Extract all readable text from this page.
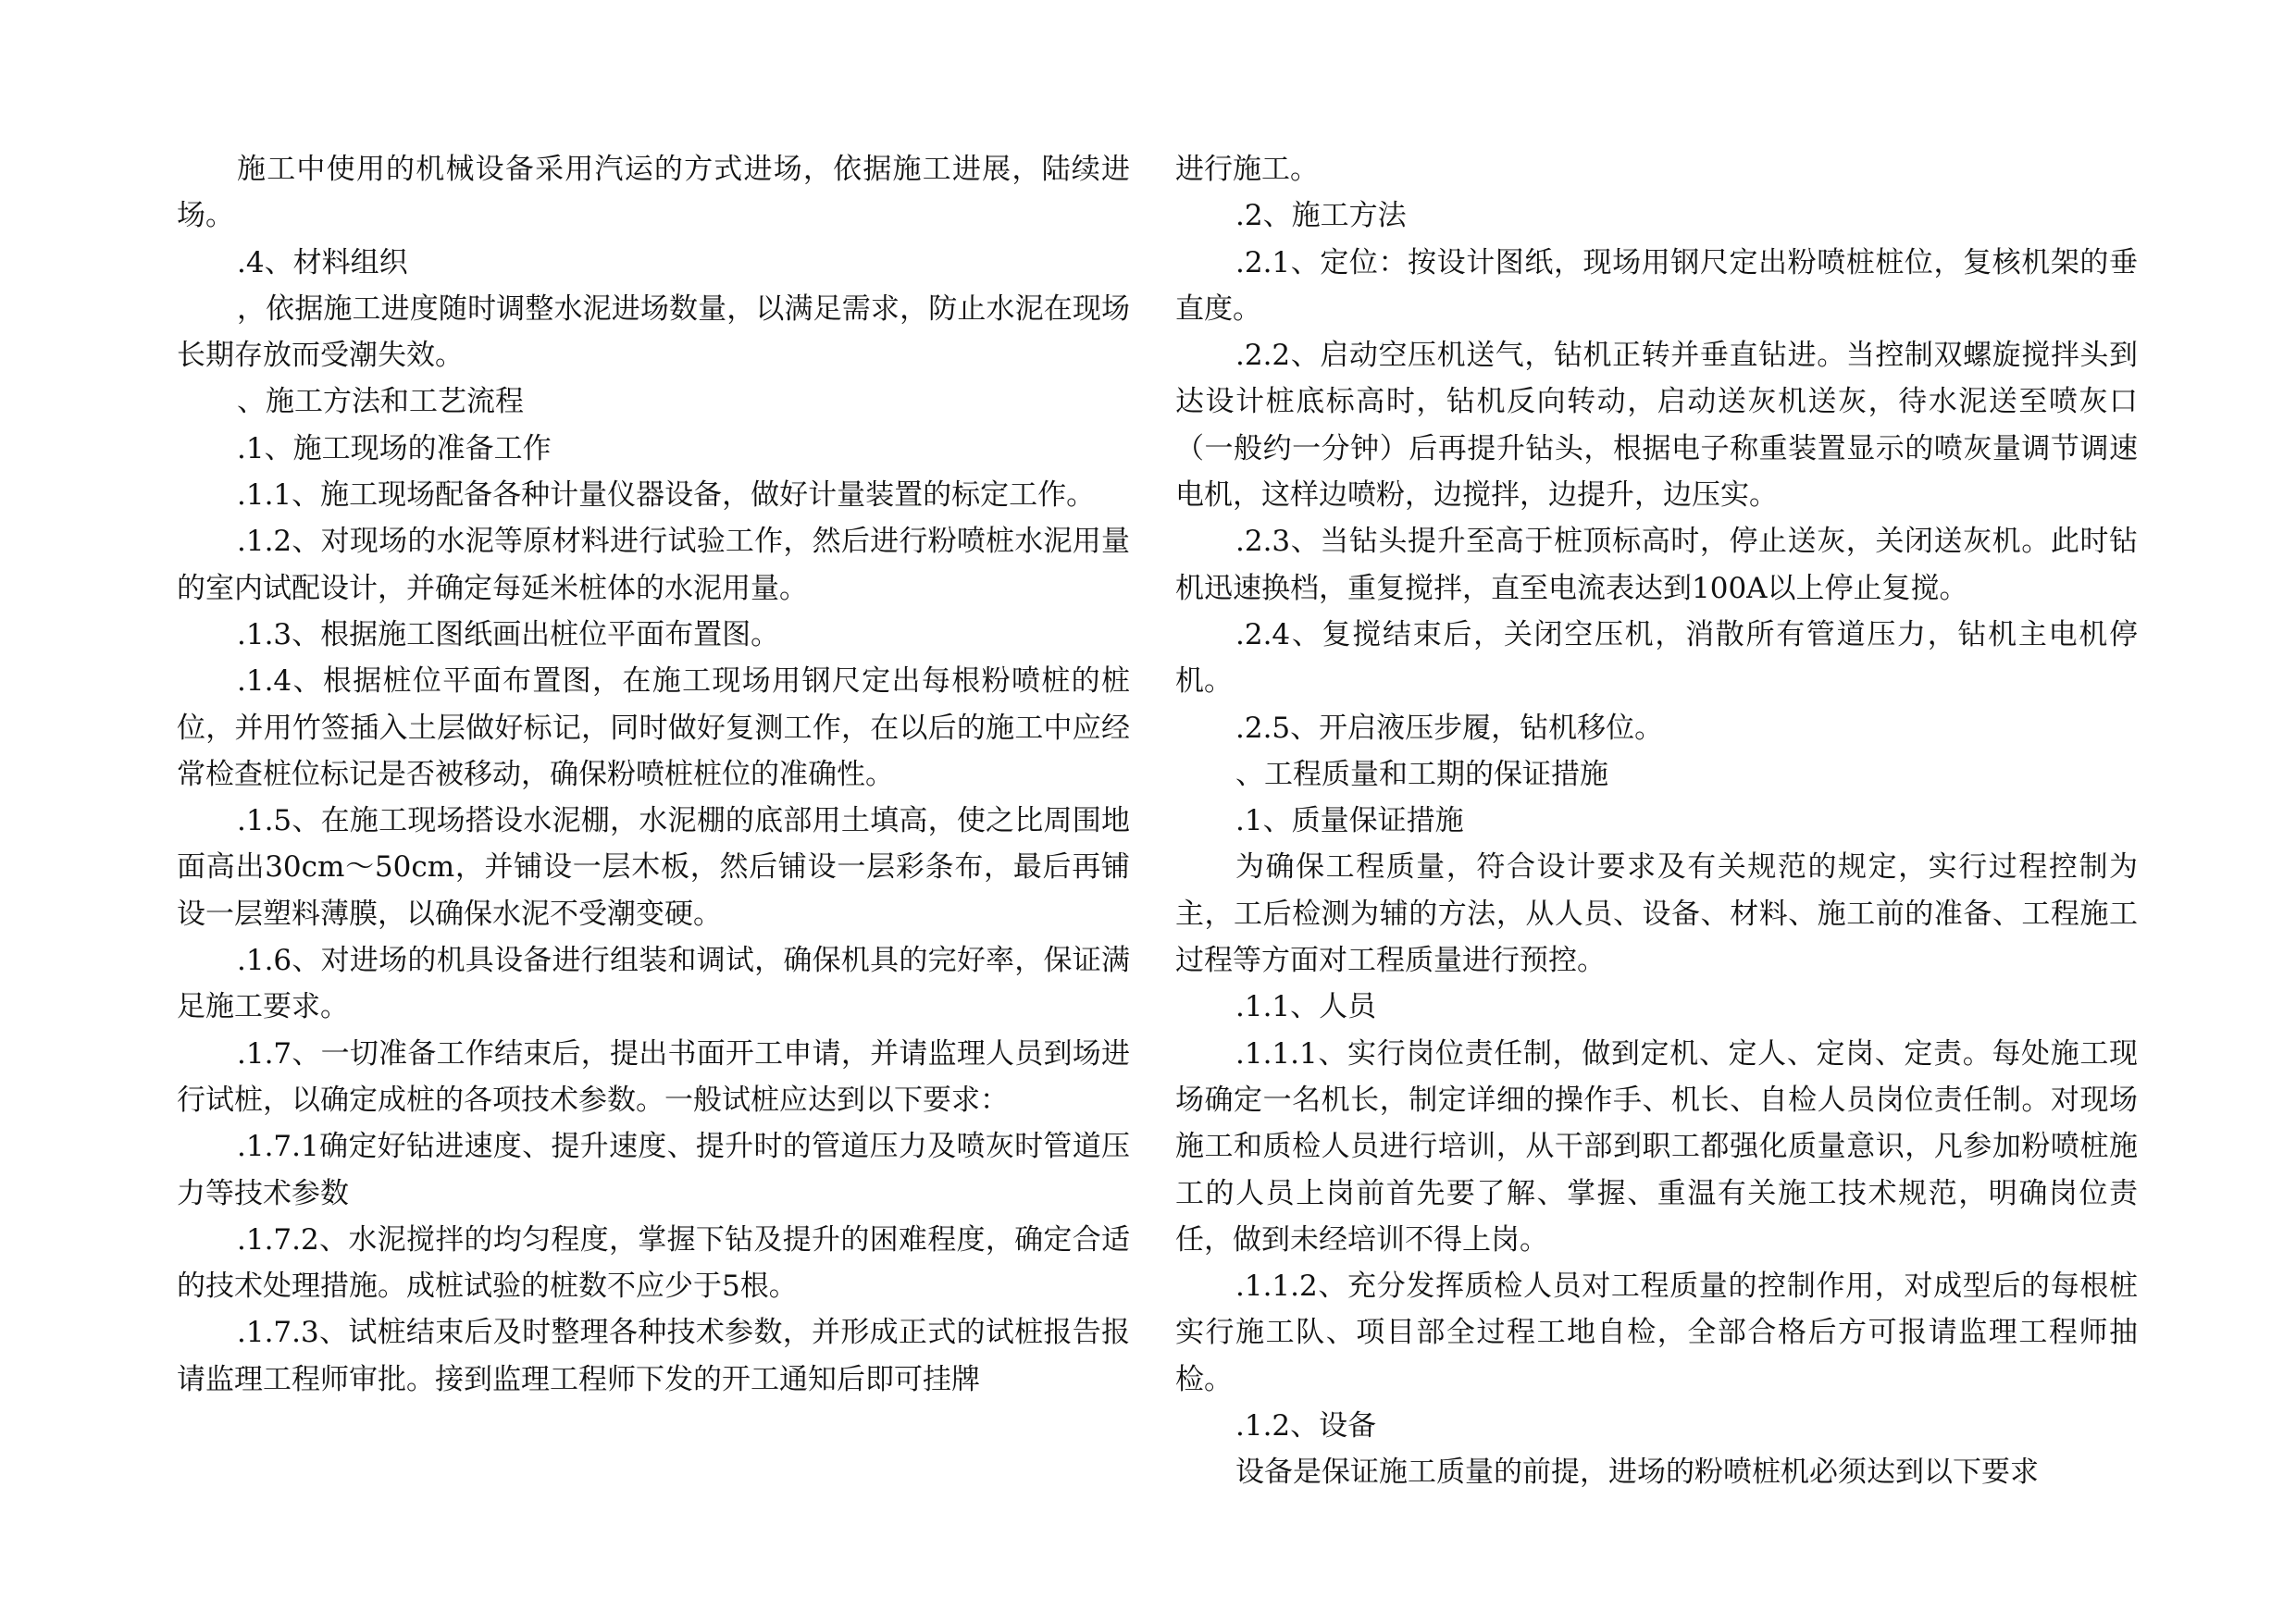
施工中使用的机械设备采用汽运的方式进场，依据施工进展，陆续进场。

.4、材料组织

，依据施工进度随时调整水泥进场数量，以满足需求，防止水泥在现场长期存放而受潮失效。

、施工方法和工艺流程

.1、施工现场的准备工作

.1.1、施工现场配备各种计量仪器设备，做好计量装置的标定工作。

.1.2、对现场的水泥等原材料进行试验工作，然后进行粉喷桩水泥用量的室内试配设计，并确定每延米桩体的水泥用量。

.1.3、根据施工图纸画出桩位平面布置图。

.1.4、根据桩位平面布置图，在施工现场用钢尺定出每根粉喷桩的桩位，并用竹签插入土层做好标记，同时做好复测工作，在以后的施工中应经常检查桩位标记是否被移动，确保粉喷桩桩位的准确性。

.1.5、在施工现场搭设水泥棚，水泥棚的底部用土填高，使之比周围地面高出30cm～50cm，并铺设一层木板，然后铺设一层彩条布，最后再铺设一层塑料薄膜，以确保水泥不受潮变硬。

.1.6、对进场的机具设备进行组装和调试，确保机具的完好率，保证满足施工要求。

.1.7、一切准备工作结束后，提出书面开工申请，并请监理人员到场进行试桩，以确定成桩的各项技术参数。一般试桩应达到以下要求：

.1.7.1确定好钻进速度、提升速度、提升时的管道压力及喷灰时管道压力等技术参数

.1.7.2、水泥搅拌的均匀程度，掌握下钻及提升的困难程度，确定合适的技术处理措施。成桩试验的桩数不应少于5根。

.1.7.3、试桩结束后及时整理各种技术参数，并形成正式的试桩报告报请监理工程师审批。接到监理工程师下发的开工通知后即可挂牌

进行施工。

.2、施工方法

.2.1、定位：按设计图纸，现场用钢尺定出粉喷桩桩位，复核机架的垂直度。

.2.2、启动空压机送气，钻机正转并垂直钻进。当控制双螺旋搅拌头到达设计桩底标高时，钻机反向转动，启动送灰机送灰，待水泥送至喷灰口（一般约一分钟）后再提升钻头，根据电子称重装置显示的喷灰量调节调速电机，这样边喷粉，边搅拌，边提升，边压实。

.2.3、当钻头提升至高于桩顶标高时，停止送灰，关闭送灰机。此时钻机迅速换档，重复搅拌，直至电流表达到100A以上停止复搅。

.2.4、复搅结束后，关闭空压机，消散所有管道压力，钻机主电机停机。

.2.5、开启液压步履，钻机移位。

、工程质量和工期的保证措施

.1、质量保证措施

为确保工程质量，符合设计要求及有关规范的规定，实行过程控制为主，工后检测为辅的方法，从人员、设备、材料、施工前的准备、工程施工过程等方面对工程质量进行预控。

.1.1、人员

.1.1.1、实行岗位责任制，做到定机、定人、定岗、定责。每处施工现场确定一名机长，制定详细的操作手、机长、自检人员岗位责任制。对现场施工和质检人员进行培训，从干部到职工都强化质量意识，凡参加粉喷桩施工的人员上岗前首先要了解、掌握、重温有关施工技术规范，明确岗位责任，做到未经培训不得上岗。

.1.1.2、充分发挥质检人员对工程质量的控制作用，对成型后的每根桩实行施工队、项目部全过程工地自检，全部合格后方可报请监理工程师抽检。

.1.2、设备

设备是保证施工质量的前提，进场的粉喷桩机必须达到以下要求
